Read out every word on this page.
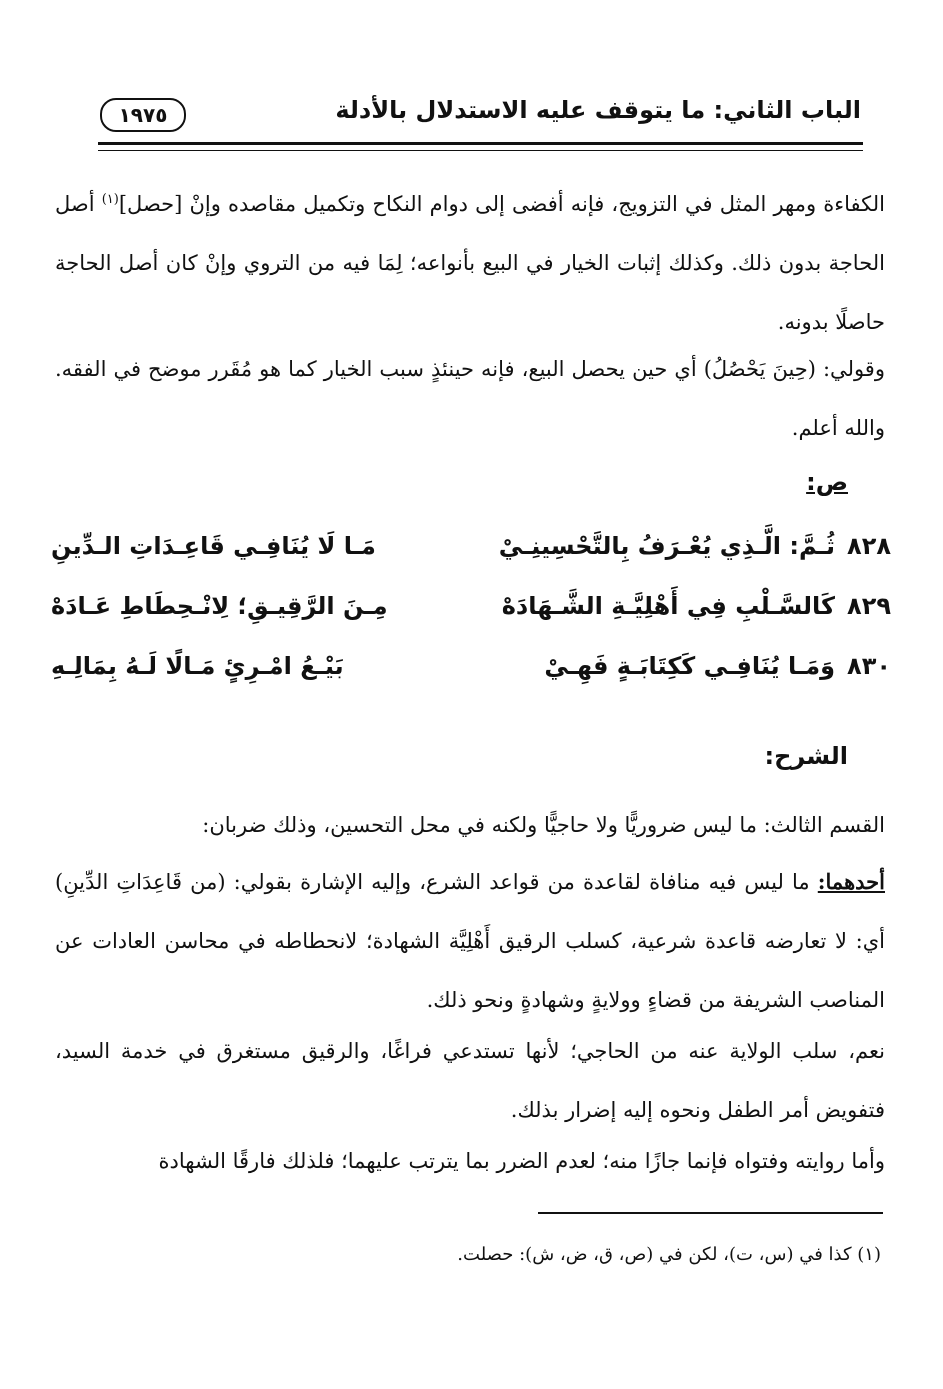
الباب الثاني: ما يتوقف عليه الاستدلال بالأدلة
١٩٧٥
الكفاءة ومهر المثل في التزويج، فإنه أفضى إلى دوام النكاح وتكميل مقاصده وإنْ [حصل]$^{(١)}$ أصل الحاجة بدون ذلك. وكذلك إثبات الخيار في البيع بأنواعه؛ لِمَا فيه من التروي وإنْ كان أصل الحاجة حاصلًا بدونه.
وقولي: (حِينَ يَحْصُلُ) أي حين يحصل البيع، فإنه حينئذٍ سبب الخيار كما هو مُقَرر موضح في الفقه. والله أعلم.
ص:
٨٢٨
ثُـمَّ: الَّـذِي يُعْـرَفُ بِالتَّحْسِينِـيْ
مَـا لَا يُنَافِـي قَاعِـدَاتِ الـدِّينِ
٨٢٩
كَالسَّـلْبِ فِي أَهْلِيَّـةِ الشَّـهَادَهْ
مِـنَ الرَّقِيـقِ؛ لِانْـحِطَاطِ عَـادَهْ
٨٣٠
وَمَـا يُنَافِـي كَكِتَابَـةٍ فَهِـيْ
بَيْـعُ امْـرِئٍ مَـالًا لَـهُ بِمَالِـهِ
الشرح:
القسم الثالث: ما ليس ضروريًّا ولا حاجيًّا ولكنه في محل التحسين، وذلك ضربان:
أحدهما: ما ليس فيه منافاة لقاعدة من قواعد الشرع، وإليه الإشارة بقولي: (من قَاعِدَاتِ الدِّينِ) أي: لا تعارضه قاعدة شرعية، كسلب الرقيق أَهْلِيَّة الشهادة؛ لانحطاطه في محاسن العادات عن المناصب الشريفة من قضاءٍ وولايةٍ وشهادةٍ ونحو ذلك.
نعم، سلب الولاية عنه من الحاجي؛ لأنها تستدعي فراغًا، والرقيق مستغرق في خدمة السيد، فتفويض أمر الطفل ونحوه إليه إضرار بذلك.
وأما روايته وفتواه فإنما جازًا منه؛ لعدم الضرر بما يترتب عليهما؛ فلذلك فارقًا الشهادة
(١) كذا في (س، ت)، لكن في (ص، ق، ض، ش): حصلت.
